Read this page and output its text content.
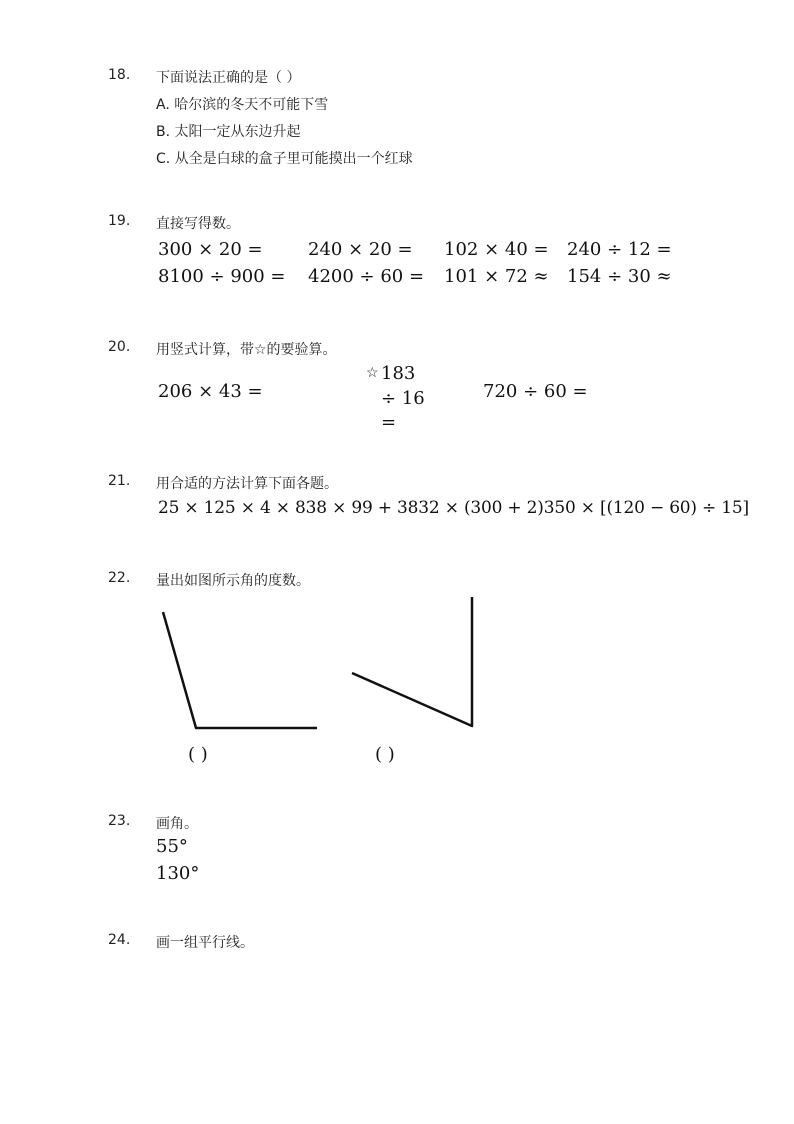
18. 下面说法正确的是（ ）
A. 哈尔滨的冬天不可能下雪
B. 太阳一定从东边升起
C. 从全是白球的盒子里可能摸出一个红球
19. 直接写得数。
300 × 20 =	240 × 20 = 102 × 40 = 240 ÷ 12 =
8100 ÷ 900 = 4200 ÷ 60 = 101 × 72 ≈ 154 ÷ 30 ≈
20. 用竖式计算，带☆的要验算。
206 × 43 =
☆ 183
÷ 16
=
720 ÷ 60 =
21. 用合适的方法计算下面各题。
25 × 125 × 4 × 838 × 99 + 3832 × (300 + 2)350 × [(120 − 60) ÷ 15]
22. 量出如图所示角的度数。
( )	( )
23. 画角。
55°
130°
24. 画一组平行线。
